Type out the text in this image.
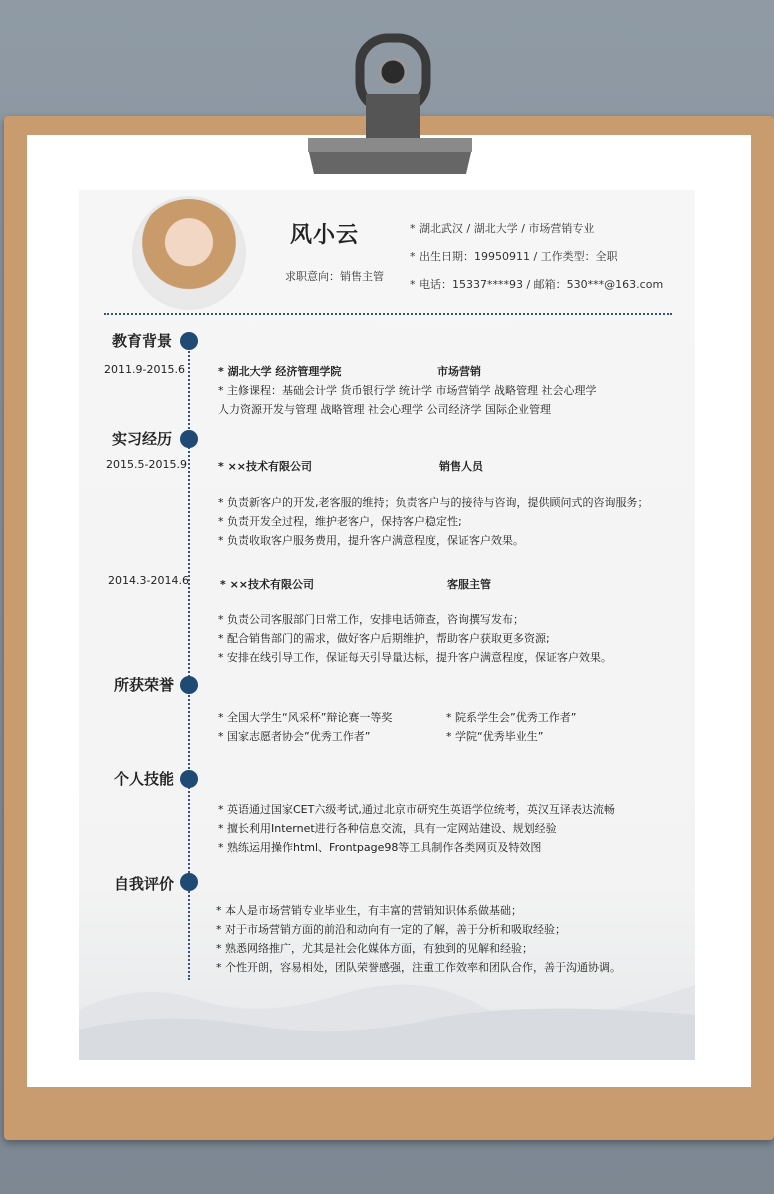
风小云
求职意向：销售主管
* 湖北武汉 / 湖北大学 / 市场营销专业
* 出生日期：19950911 / 工作类型：全职
* 电话：15337****93 / 邮箱：530***@163.com
教育背景
2011.9-2015.6	* 湖北大学 经济管理学院	市场营销
* 主修课程：基础会计学 货币银行学 统计学 市场营销学 战略管理 社会心理学
人力资源开发与管理 战略管理 社会心理学 公司经济学 国际企业管理
实习经历
2015.5-2015.9	* ××技术有限公司	销售人员
* 负责新客户的开发,老客服的维持；负责客户与的接待与咨询，提供顾问式的咨询服务；
* 负责开发全过程，维护老客户，保持客户稳定性;
* 负责收取客户服务费用，提升客户满意程度，保证客户效果。
2014.3-2014.6	* ××技术有限公司	客服主管
* 负责公司客服部门日常工作，安排电话筛查，咨询撰写发布；
* 配合销售部门的需求，做好客户后期维护，帮助客户获取更多资源;
* 安排在线引导工作，保证每天引导量达标，提升客户满意程度，保证客户效果。
所获荣誉
* 全国大学生“风采杯”辩论赛一等奖	* 院系学生会”优秀工作者”
* 国家志愿者协会”优秀工作者”	* 学院“优秀毕业生”
个人技能
* 英语通过国家CET六级考试,通过北京市研究生英语学位统考，英汉互译表达流畅
* 擅长利用Internet进行各种信息交流，具有一定网站建设、规划经验
* 熟练运用操作html、Frontpage98等工具制作各类网页及特效图
自我评价
* 本人是市场营销专业毕业生，有丰富的营销知识体系做基础；
* 对于市场营销方面的前沿和动向有一定的了解，善于分析和吸取经验；
* 熟悉网络推广，尤其是社会化媒体方面，有独到的见解和经验；
* 个性开朗，容易相处，团队荣誉感强，注重工作效率和团队合作，善于沟通协调。
